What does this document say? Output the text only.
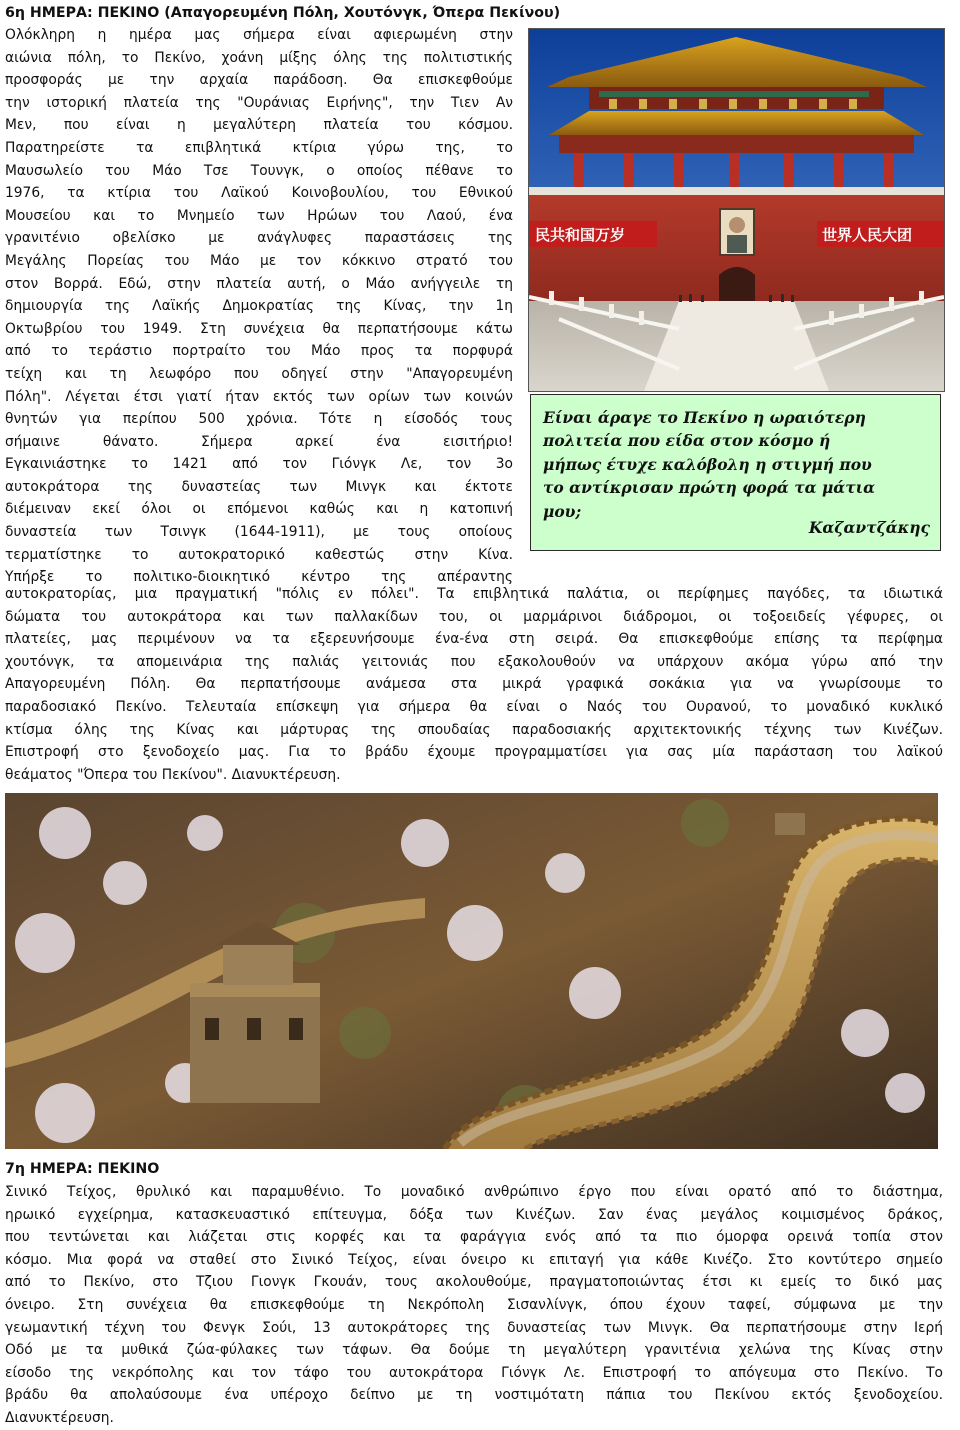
6η ΗΜΕΡΑ: ΠΕΚΙΝΟ (Απαγορευμένη Πόλη, Χουτόνγκ, Όπερα Πεκίνου)

Ολόκληρη η ημέρα μας σήμερα είναι αφιερωμένη στην

αιώνια πόλη, το Πεκίνο, χοάνη μίξης όλης της πολιτιστικής

προσφοράς με την αρχαία παράδοση. Θα επισκεφθούμε

την ιστορική πλατεία της "Ουράνιας Ειρήνης", την Τιεν Αν

Μεν, που είναι η μεγαλύτερη πλατεία του κόσμου.

Παρατηρείστε τα επιβλητικά κτίρια γύρω της, το

Μαυσωλείο του Μάο Τσε Τουνγκ, ο οποίος πέθανε το

1976, τα κτίρια του Λαϊκού Κοινοβουλίου, του Εθνικού

Μουσείου και το Μνημείο των Ηρώων του Λαού, ένα

γρανιτένιο οβελίσκο με ανάγλυφες παραστάσεις της

Μεγάλης Πορείας του Μάο με τον κόκκινο στρατό του

στον Βορρά. Εδώ, στην πλατεία αυτή, ο Μάο ανήγγειλε τη

δημιουργία της Λαϊκής Δημοκρατίας της Κίνας, την 1η

Οκτωβρίου του 1949. Στη συνέχεια θα περπατήσουμε κάτω

από το τεράστιο πορτραίτο του Μάο προς τα πορφυρά

τείχη και τη λεωφόρο που οδηγεί στην "Απαγορευμένη

Πόλη". Λέγεται έτσι γιατί ήταν εκτός των ορίων των κοινών

θνητών για περίπου 500 χρόνια. Τότε η είσοδός τους

σήμαινε θάνατο. Σήμερα αρκεί ένα εισιτήριο!

Εγκαινιάστηκε το 1421 από τον Γιόνγκ Λε, τον 3ο

αυτοκράτορα της δυναστείας των Μινγκ και έκτοτε

διέμειναν εκεί όλοι οι επόμενοι καθώς και η κατοπινή

δυναστεία των Τσινγκ (1644-1911), με τους οποίους

τερματίστηκε το αυτοκρατορικό καθεστώς στην Κίνα.

Υπήρξε το πολιτικο-διοικητικό κέντρο της απέραντης

民共和国万岁	世界人民大团
Είναι άραγε το Πεκίνο η ωραιότερη
πολιτεία που είδα στον κόσμο ή
μήπως έτυχε καλόβολη η στιγμή που
το αντίκρισαν πρώτη φορά τα μάτια
μου;
Καζαντζάκης

αυτοκρατορίας, μια πραγματική "πόλις εν πόλει". Τα επιβλητικά παλάτια, οι περίφημες παγόδες, τα ιδιωτικά

δώματα του αυτοκράτορα και των παλλακίδων του, οι μαρμάρινοι διάδρομοι, οι τοξοειδείς γέφυρες, οι

πλατείες, μας περιμένουν να τα εξερευνήσουμε ένα-ένα στη σειρά. Θα επισκεφθούμε επίσης τα περίφημα

χουτόνγκ, τα απομεινάρια της παλιάς γειτονιάς που εξακολουθούν να υπάρχουν ακόμα γύρω από την

Απαγορευμένη Πόλη. Θα περπατήσουμε ανάμεσα στα μικρά γραφικά σοκάκια για να γνωρίσουμε το

παραδοσιακό Πεκίνο. Τελευταία επίσκεψη για σήμερα θα είναι ο Ναός του Ουρανού, το μοναδικό κυκλικό

κτίσμα όλης της Κίνας και μάρτυρας της σπουδαίας παραδοσιακής αρχιτεκτονικής τέχνης των Κινέζων.

Επιστροφή στο ξενοδοχείο μας. Για το βράδυ έχουμε προγραμματίσει για σας μία παράσταση του λαϊκού

θεάματος "Όπερα του Πεκίνου". Διανυκτέρευση.

7η ΗΜΕΡΑ: ΠΕΚΙΝΟ

Σινικό Τείχος, θρυλικό και παραμυθένιο. Το μοναδικό ανθρώπινο έργο που είναι ορατό από το διάστημα,

ηρωικό εγχείρημα, κατασκευαστικό επίτευγμα, δόξα των Κινέζων. Σαν ένας μεγάλος κοιμισμένος δράκος,

που τεντώνεται και λιάζεται στις κορφές και τα φαράγγια ενός από τα πιο όμορφα ορεινά τοπία στον

κόσμο. Μια φορά να σταθεί στο Σινικό Τείχος, είναι όνειρο κι επιταγή για κάθε Κινέζο. Στο κοντύτερο σημείο

από το Πεκίνο, στο Τζιου Γιονγκ Γκουάν, τους ακολουθούμε, πραγματοποιώντας έτσι κι εμείς το δικό μας

όνειρο. Στη συνέχεια θα επισκεφθούμε τη Νεκρόπολη Σισανλίνγκ, όπου έχουν ταφεί, σύμφωνα με την

γεωμαντική τέχνη του Φενγκ Σούι, 13 αυτοκράτορες της δυναστείας των Μινγκ. Θα περπατήσουμε στην Ιερή

Οδό με τα μυθικά ζώα-φύλακες των τάφων. Θα δούμε τη μεγαλύτερη γρανιτένια χελώνα της Κίνας στην

είσοδο της νεκρόπολης και τον τάφο του αυτοκράτορα Γιόνγκ Λε. Επιστροφή το απόγευμα στο Πεκίνο. Το

βράδυ θα απολαύσουμε ένα υπέροχο δείπνο με τη νοστιμότατη πάπια του Πεκίνου εκτός ξενοδοχείου.

Διανυκτέρευση.
